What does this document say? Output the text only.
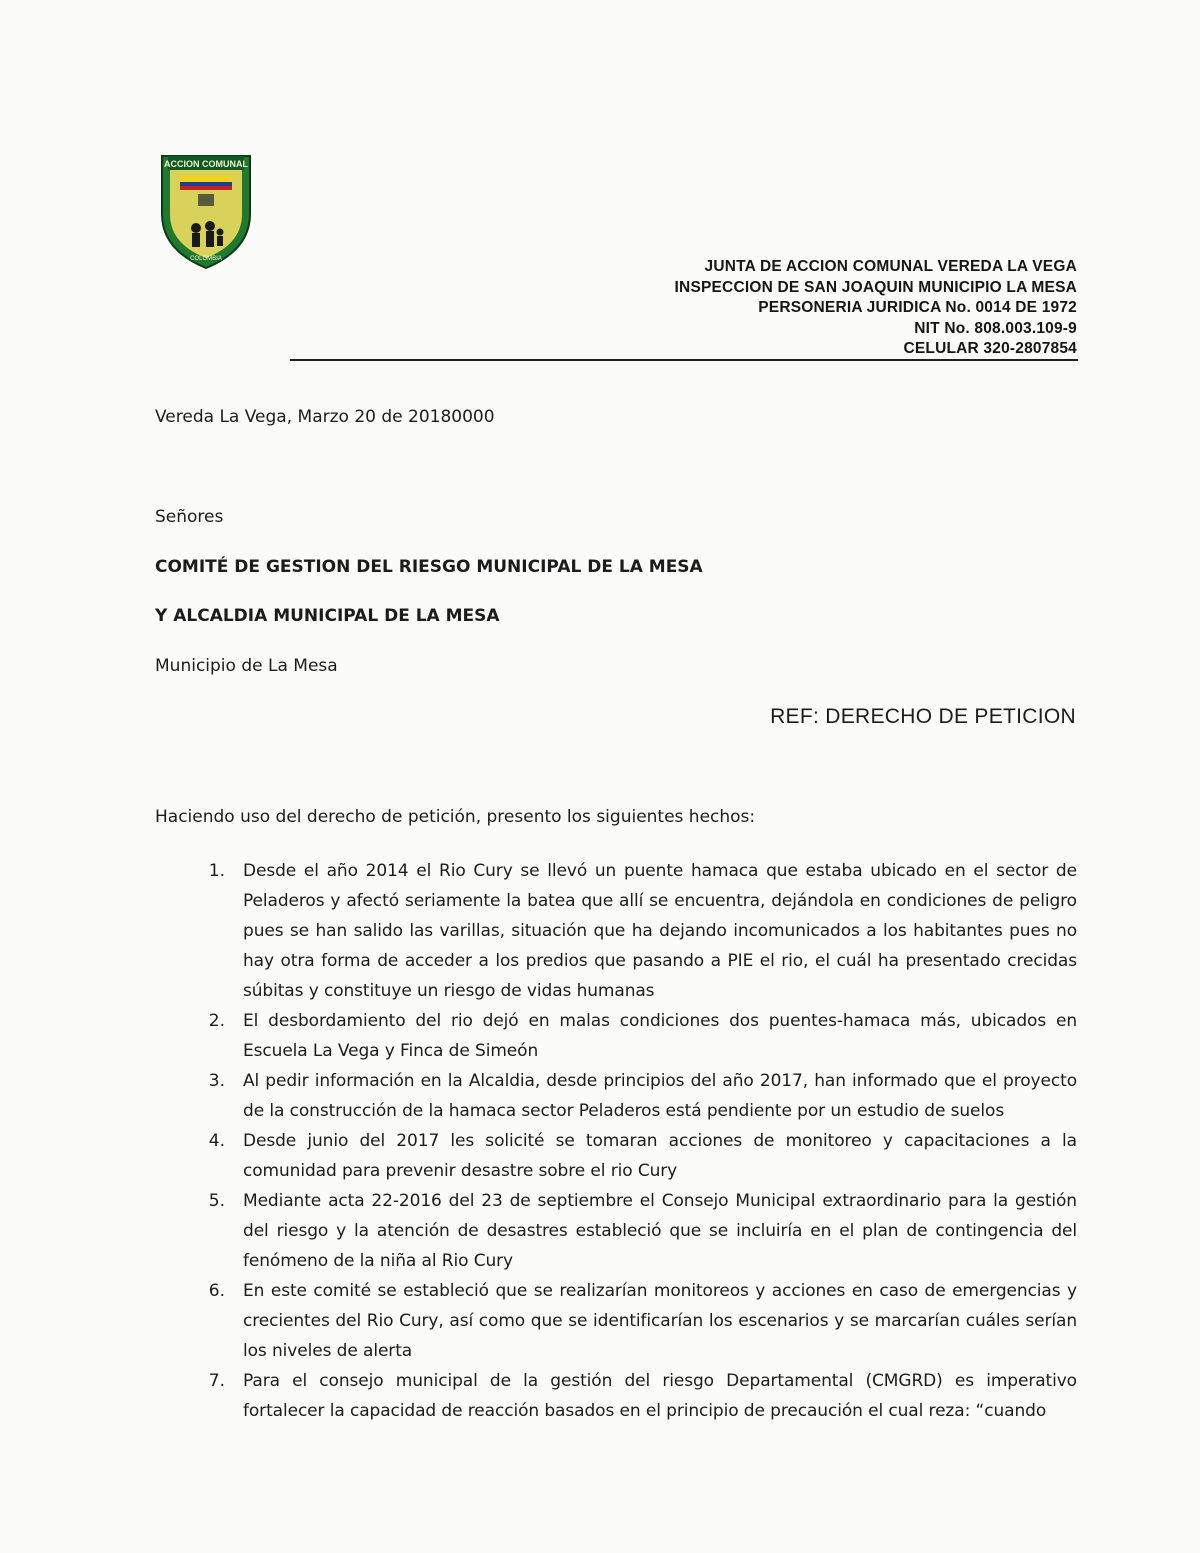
ACCION COMUNAL
COLOMBIA	JUNTA DE ACCION COMUNAL VEREDA LA VEGA
INSPECCION DE SAN JOAQUIN MUNICIPIO LA MESA
PERSONERIA JURIDICA No. 0014 DE 1972
NIT No. 808.003.109-9
CELULAR 320-2807854
Vereda La Vega, Marzo 20 de 20180000
Señores
COMITÉ DE GESTION DEL RIESGO MUNICIPAL DE LA MESA
Y ALCALDIA MUNICIPAL DE LA MESA
Municipio de La Mesa
REF: DERECHO DE PETICION
Haciendo uso del derecho de petición, presento los siguientes hechos:
1.	Desde el año 2014 el Rio Cury se llevó un puente hamaca que estaba ubicado en el sector de Peladeros y afectó seriamente la batea que allí se encuentra, dejándola en condiciones de peligro pues se han salido las varillas, situación que ha dejando incomunicados a los habitantes pues no hay otra forma de acceder a los predios que pasando a PIE el rio, el cuál ha presentado crecidas súbitas y constituye un riesgo de vidas humanas
2.	El desbordamiento del rio dejó en malas condiciones dos puentes-hamaca más, ubicados en Escuela La Vega y Finca de Simeón
3.	Al pedir información en la Alcaldia, desde principios del año 2017, han informado que el proyecto de la construcción de la hamaca sector Peladeros está pendiente por un estudio de suelos
4.	Desde junio del 2017 les solicité se tomaran acciones de monitoreo y capacitaciones a la comunidad para prevenir desastre sobre el rio Cury
5.	Mediante acta 22-2016 del 23 de septiembre el Consejo Municipal extraordinario para la gestión del riesgo y la atención de desastres estableció que se incluiría en el plan de contingencia del fenómeno de la niña al Rio Cury
6.	En este comité se estableció que se realizarían monitoreos y acciones en caso de emergencias y crecientes del Rio Cury, así como que se identificarían los escenarios y se marcarían cuáles serían los niveles de alerta
7.	Para el consejo municipal de la gestión del riesgo Departamental (CMGRD) es imperativo fortalecer la capacidad de reacción basados en el principio de precaución el cual reza: “cuando
